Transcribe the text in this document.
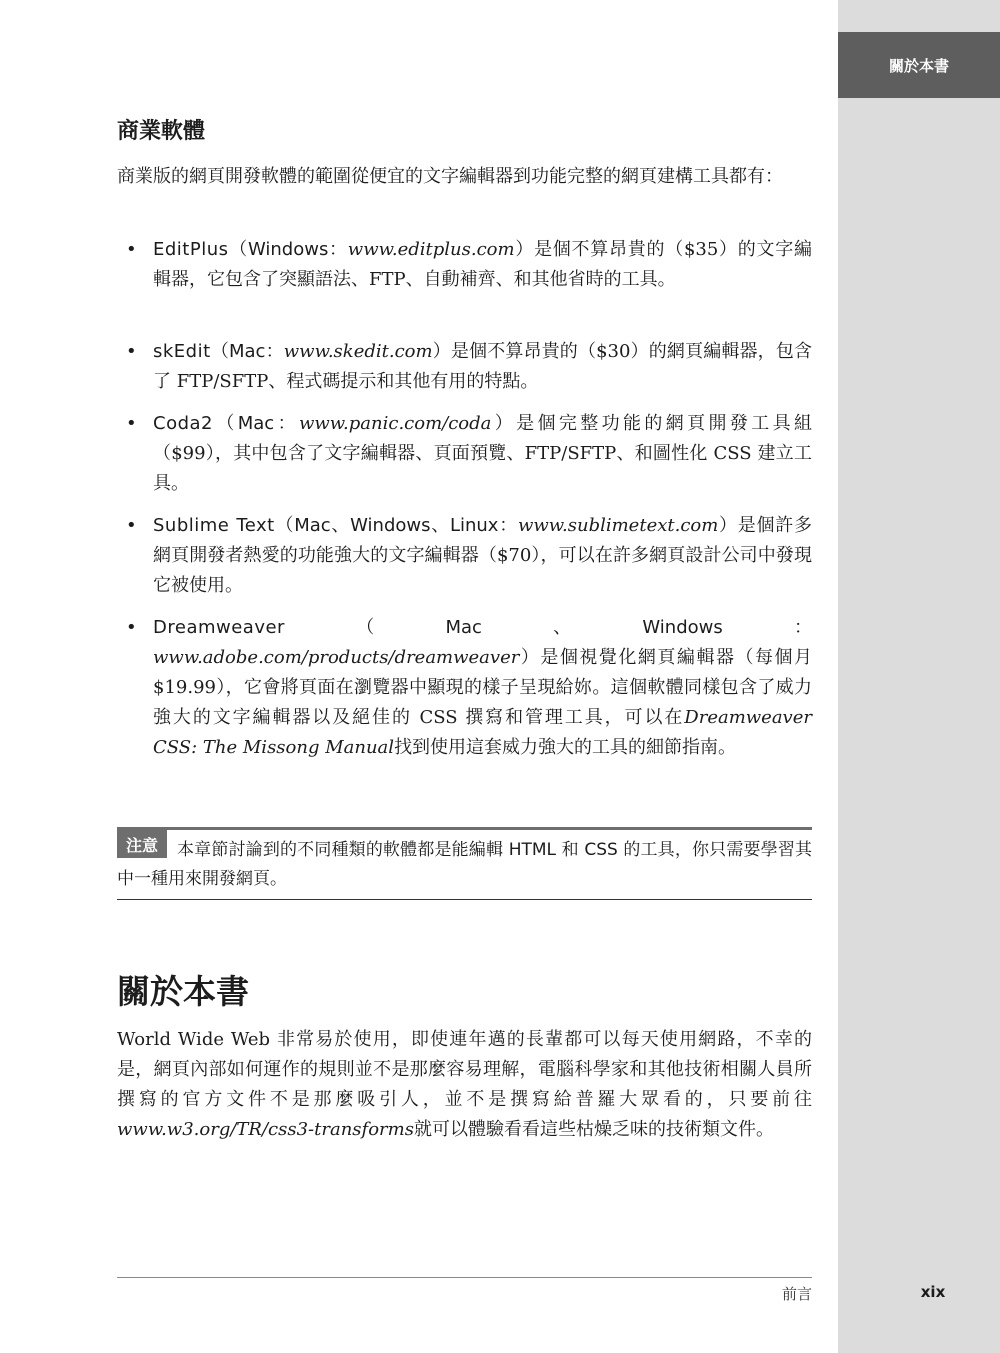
關於本書
商業軟體

商業版的網頁開發軟體的範圍從便宜的文字編輯器到功能完整的網頁建構工具都有：

• EditPlus（Windows：www.editplus.com）是個不算昂貴的（$35）的文字編輯器，它包含了突顯語法、FTP、自動補齊、和其他省時的工具。

• skEdit（Mac：www.skedit.com）是個不算昂貴的（$30）的網頁編輯器，包含了 FTP/SFTP、程式碼提示和其他有用的特點。

• Coda2（Mac：www.panic.com/coda）是個完整功能的網頁開發工具組（$99），其中包含了文字編輯器、頁面預覽、FTP/SFTP、和圖性化 CSS 建立工具。

• Sublime Text（Mac、Windows、Linux：www.sublimetext.com）是個許多網頁開發者熱愛的功能強大的文字編輯器（$70），可以在許多網頁設計公司中發現它被使用。

• Dreamweaver（Mac、Windows：www.adobe.com/products/dreamweaver）是個視覺化網頁編輯器（每個月 $19.99），它會將頁面在瀏覽器中顯現的樣子呈現給妳。這個軟體同樣包含了威力強大的文字編輯器以及絕佳的 CSS 撰寫和管理工具，可以在Dreamweaver CSS: The Missong Manual找到使用這套威力強大的工具的細節指南。

注意	本章節討論到的不同種類的軟體都是能編輯 HTML 和 CSS 的工具，你只需要學習其中一種用來開發網頁。

關於本書

World Wide Web 非常易於使用，即使連年邁的長輩都可以每天使用網路，不幸的是，網頁內部如何運作的規則並不是那麼容易理解，電腦科學家和其他技術相關人員所撰寫的官方文件不是那麼吸引人，並不是撰寫給普羅大眾看的，只要前往www.w3.org/TR/css3-transforms就可以體驗看看這些枯燥乏味的技術類文件。

前言	xix
